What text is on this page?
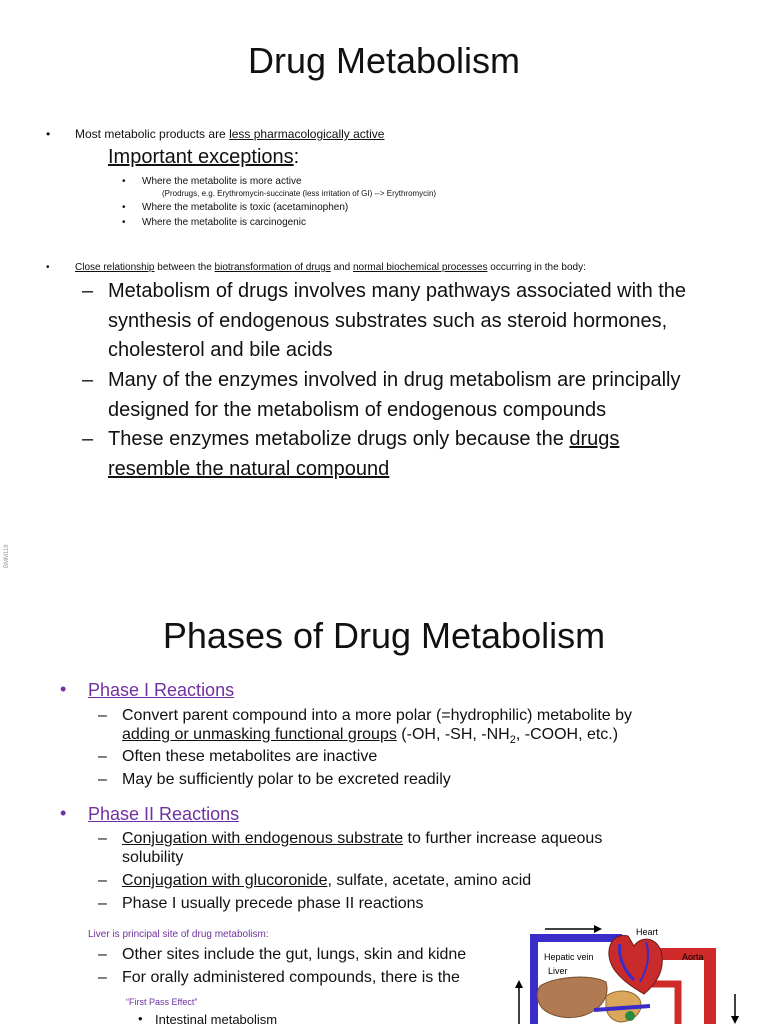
Drug Metabolism
• Most metabolic products are less pharmacologically active
Important exceptions:
• Where the metabolite is more active
(Prodrugs, e.g. Erythromycin-succinate (less irritation of GI) --> Erythromycin)
• Where the metabolite is toxic (acetaminophen)
• Where the metabolite is carcinogenic
•	Close relationship between the biotransformation of drugs and normal biochemical processes occurring in the body:
– Metabolism of drugs involves many pathways associated with the
synthesis of endogenous substrates such as steroid hormones,
cholesterol and bile acids
– Many of the enzymes involved in drug metabolism are principally
designed for the metabolism of endogenous compounds
– These enzymes metabolize drugs only because the drugs
resemble the natural compound
BMM118
Phases of Drug Metabolism
• Phase I Reactions
– Convert parent compound into a more polar (=hydrophilic) metabolite by
adding or unmasking functional groups (-OH, -SH, $-NH_2$, -COOH, etc.)
– Often these metabolites are inactive
– May be sufficiently polar to be excreted readily
• Phase II Reactions
– Conjugation with endogenous substrate to further increase aqueous
solubility
– Conjugation with glucoronide, sulfate, acetate, amino acid
– Phase I usually precede phase II reactions
Liver is principal site of drug metabolism:
– Other sites include the gut, lungs, skin and kidne
– For orally administered compounds, there is the
“First Pass Effect”
• Intestinal metabolism
Heart
Hepatic vein	Aorta
Liver
